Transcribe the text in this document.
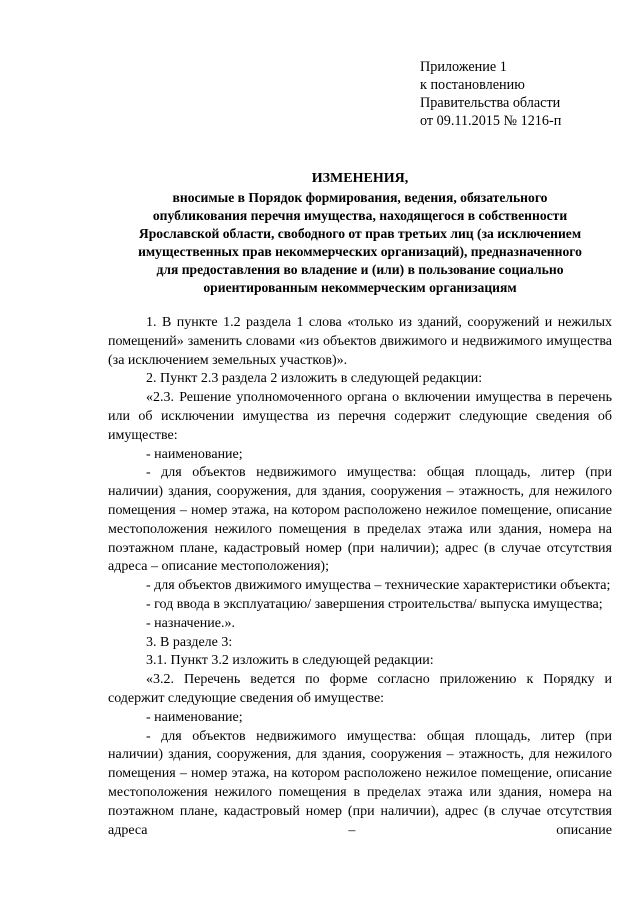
Приложение 1
к постановлению
Правительства области
от 09.11.2015 № 1216-п
ИЗМЕНЕНИЯ,
вносимые в Порядок формирования, ведения, обязательного
опубликования перечня имущества, находящегося в собственности
Ярославской области, свободного от прав третьих лиц (за исключением
имущественных прав некоммерческих организаций), предназначенного
для предоставления во владение и (или) в пользование социально
ориентированным некоммерческим организациям

1. В пункте 1.2 раздела 1 слова «только из зданий, сооружений и нежилых помещений» заменить словами «из объектов движимого и недвижимого имущества (за исключением земельных участков)».

2. Пункт 2.3 раздела 2 изложить в следующей редакции:

«2.3. Решение уполномоченного органа о включении имущества в перечень или об исключении имущества из перечня содержит следующие сведения об имуществе:

- наименование;

- для объектов недвижимого имущества: общая площадь, литер (при наличии) здания, сооружения, для здания, сооружения – этажность, для нежилого помещения – номер этажа, на котором расположено нежилое помещение, описание местоположения нежилого помещения в пределах этажа или здания, номера на поэтажном плане, кадастровый номер (при наличии); адрес (в случае отсутствия адреса – описание местоположения);

- для объектов движимого имущества – технические характеристики объекта;

- год ввода в эксплуатацию/ завершения строительства/ выпуска имущества;

- назначение.».

3. В разделе 3:

3.1. Пункт 3.2 изложить в следующей редакции:

«3.2. Перечень ведется по форме согласно приложению к Порядку и содержит следующие сведения об имуществе:

- наименование;

- для объектов недвижимого имущества: общая площадь, литер (при наличии) здания, сооружения, для здания, сооружения – этажность, для нежилого помещения – номер этажа, на котором расположено нежилое помещение, описание местоположения нежилого помещения в пределах этажа или здания, номера на поэтажном плане, кадастровый номер (при наличии), адрес (в случае отсутствия адреса – описание
